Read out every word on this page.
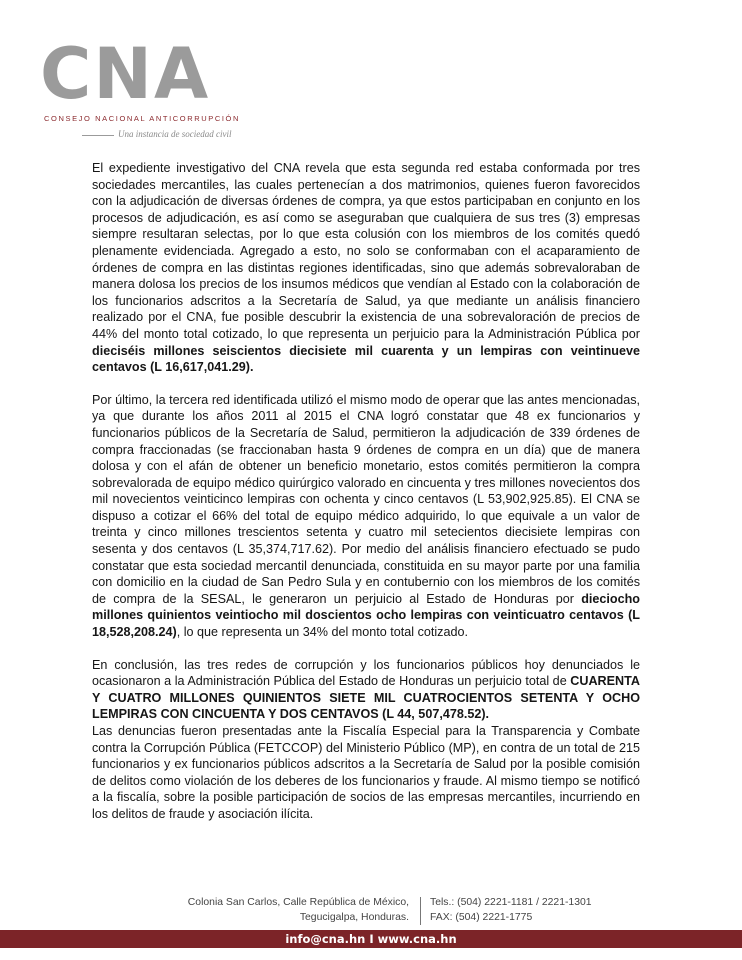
CNA
CONSEJO NACIONAL ANTICORRUPCIÓN
Una instancia de sociedad civil

El expediente investigativo del CNA revela que esta segunda red estaba conformada por tres sociedades mercantiles, las cuales pertenecían a dos matrimonios, quienes fueron favorecidos con la adjudicación de diversas órdenes de compra, ya que estos participaban en conjunto en los procesos de adjudicación, es así como se aseguraban que cualquiera de sus tres (3) empresas siempre resultaran selectas, por lo que esta colusión con los miembros de los comités quedó plenamente evidenciada. Agregado a esto, no solo se conformaban con el acaparamiento de órdenes de compra en las distintas regiones identificadas, sino que además sobrevaloraban de manera dolosa los precios de los insumos médicos que vendían al Estado con la colaboración de los funcionarios adscritos a la Secretaría de Salud, ya que mediante un análisis financiero realizado por el CNA, fue posible descubrir la existencia de una sobrevaloración de precios de 44% del monto total cotizado, lo que representa un perjuicio para la Administración Pública por dieciséis millones seiscientos diecisiete mil cuarenta y un lempiras con veintinueve centavos (L 16,617,041.29).

Por último, la tercera red identificada utilizó el mismo modo de operar que las antes mencionadas, ya que durante los años 2011 al 2015 el CNA logró constatar que 48 ex funcionarios y funcionarios públicos de la Secretaría de Salud, permitieron la adjudicación de 339 órdenes de compra fraccionadas (se fraccionaban hasta 9 órdenes de compra en un día) que de manera dolosa y con el afán de obtener un beneficio monetario, estos comités permitieron la compra sobrevalorada de equipo médico quirúrgico valorado en cincuenta y tres millones novecientos dos mil novecientos veinticinco lempiras con ochenta y cinco centavos (L 53,902,925.85). El CNA se dispuso a cotizar el 66% del total de equipo médico adquirido, lo que equivale a un valor de treinta y cinco millones trescientos setenta y cuatro mil setecientos diecisiete lempiras con sesenta y dos centavos (L 35,374,717.62). Por medio del análisis financiero efectuado se pudo constatar que esta sociedad mercantil denunciada, constituida en su mayor parte por una familia con domicilio en la ciudad de San Pedro Sula y en contubernio con los miembros de los comités de compra de la SESAL, le generaron un perjuicio al Estado de Honduras por dieciocho millones quinientos veintiocho mil doscientos ocho lempiras con veinticuatro centavos (L 18,528,208.24), lo que representa un 34% del monto total cotizado.

En conclusión, las tres redes de corrupción y los funcionarios públicos hoy denunciados le ocasionaron a la Administración Pública del Estado de Honduras un perjuicio total de CUARENTA Y CUATRO MILLONES QUINIENTOS SIETE MIL CUATROCIENTOS SETENTA Y OCHO LEMPIRAS CON CINCUENTA Y DOS CENTAVOS (L 44, 507,478.52).

Las denuncias fueron presentadas ante la Fiscalía Especial para la Transparencia y Combate contra la Corrupción Pública (FETCCOP) del Ministerio Público (MP), en contra de un total de 215 funcionarios y ex funcionarios públicos adscritos a la Secretaría de Salud por la posible comisión de delitos como violación de los deberes de los funcionarios y fraude. Al mismo tiempo se notificó a la fiscalía, sobre la posible participación de socios de las empresas mercantiles, incurriendo en los delitos de fraude y asociación ilícita.

Colonia San Carlos, Calle República de México,
Tegucigalpa, Honduras.
Tels.: (504) 2221-1181 / 2221-1301
FAX: (504) 2221-1775
info@cna.hn I www.cna.hn
